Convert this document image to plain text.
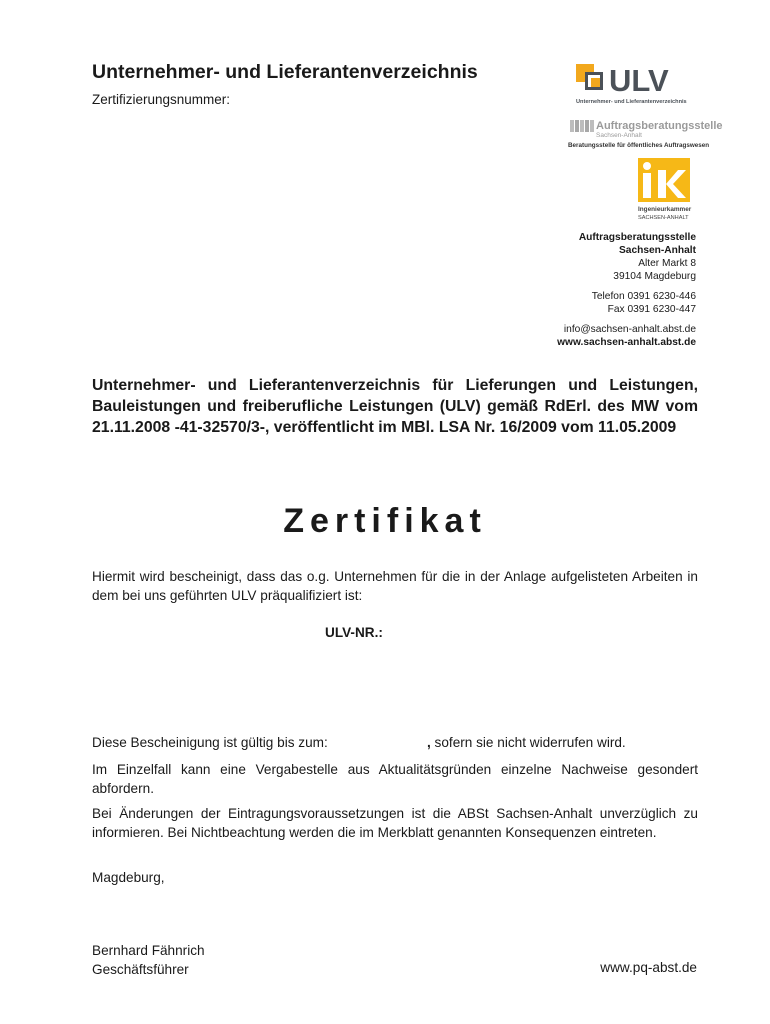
Unternehmer- und Lieferantenverzeichnis
Zertifizierungsnummer:
ULV
Unternehmer- und Lieferantenverzeichnis
Auftragsberatungsstelle
Sachsen-Anhalt
Beratungsstelle für öffentliches Auftragswesen
Ingenieurkammer
SACHSEN-ANHALT
Auftragsberatungsstelle
Sachsen-Anhalt
Alter Markt 8
39104 Magdeburg
Telefon 0391 6230-446
Fax 0391 6230-447
info@sachsen-anhalt.abst.de
www.sachsen-anhalt.abst.de
Unternehmer- und Lieferantenverzeichnis für Lieferungen und Leistungen, Bauleistungen und freiberufliche Leistungen (ULV) gemäß RdErl. des MW vom 21.11.2008 -41-32570/3-, veröffentlicht im MBl. LSA Nr. 16/2009 vom 11.05.2009
Zertifikat
Hiermit wird bescheinigt, dass das o.g. Unternehmen für die in der Anlage aufgelisteten Arbeiten in dem bei uns geführten ULV präqualifiziert ist:
ULV-NR.:
Diese Bescheinigung ist gültig bis zum:	, sofern sie nicht widerrufen wird.
Im Einzelfall kann eine Vergabestelle aus Aktualitätsgründen einzelne Nachweise gesondert abfordern.
Bei Änderungen der Eintragungsvoraussetzungen ist die ABSt Sachsen-Anhalt unverzüglich zu informieren. Bei Nichtbeachtung werden die im Merkblatt genannten Konsequenzen eintreten.
Magdeburg,
Bernhard Fähnrich
Geschäftsführer	www.pq-abst.de
